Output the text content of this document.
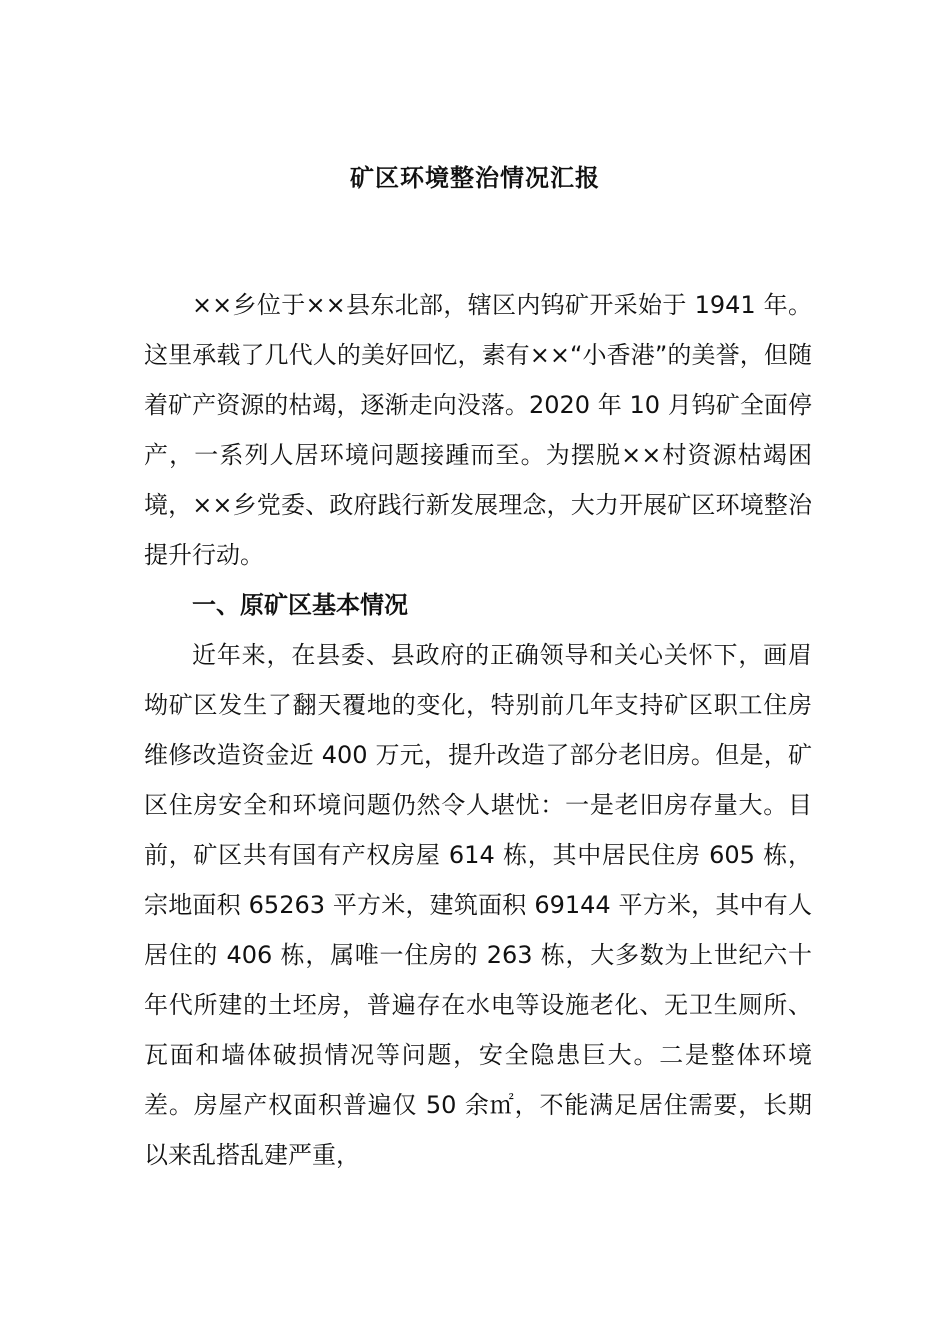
矿区环境整治情况汇报

××乡位于××县东北部，辖区内钨矿开采始于 1941 年。这里承载了几代人的美好回忆，素有××“小香港”的美誉，但随着矿产资源的枯竭，逐渐走向没落。2020 年 10 月钨矿全面停产，一系列人居环境问题接踵而至。为摆脱××村资源枯竭困境，××乡党委、政府践行新发展理念，大力开展矿区环境整治提升行动。

一、原矿区基本情况

近年来，在县委、县政府的正确领导和关心关怀下，画眉坳矿区发生了翻天覆地的变化，特别前几年支持矿区职工住房维修改造资金近 400 万元，提升改造了部分老旧房。但是，矿区住房安全和环境问题仍然令人堪忧：一是老旧房存量大。目前，矿区共有国有产权房屋 614 栋，其中居民住房 605 栋，宗地面积 65263 平方米，建筑面积 69144 平方米，其中有人居住的 406 栋，属唯一住房的 263 栋，大多数为上世纪六十年代所建的土坯房，普遍存在水电等设施老化、无卫生厕所、瓦面和墙体破损情况等问题，安全隐患巨大。二是整体环境差。房屋产权面积普遍仅 50 余㎡，不能满足居住需要，长期以来乱搭乱建严重，
